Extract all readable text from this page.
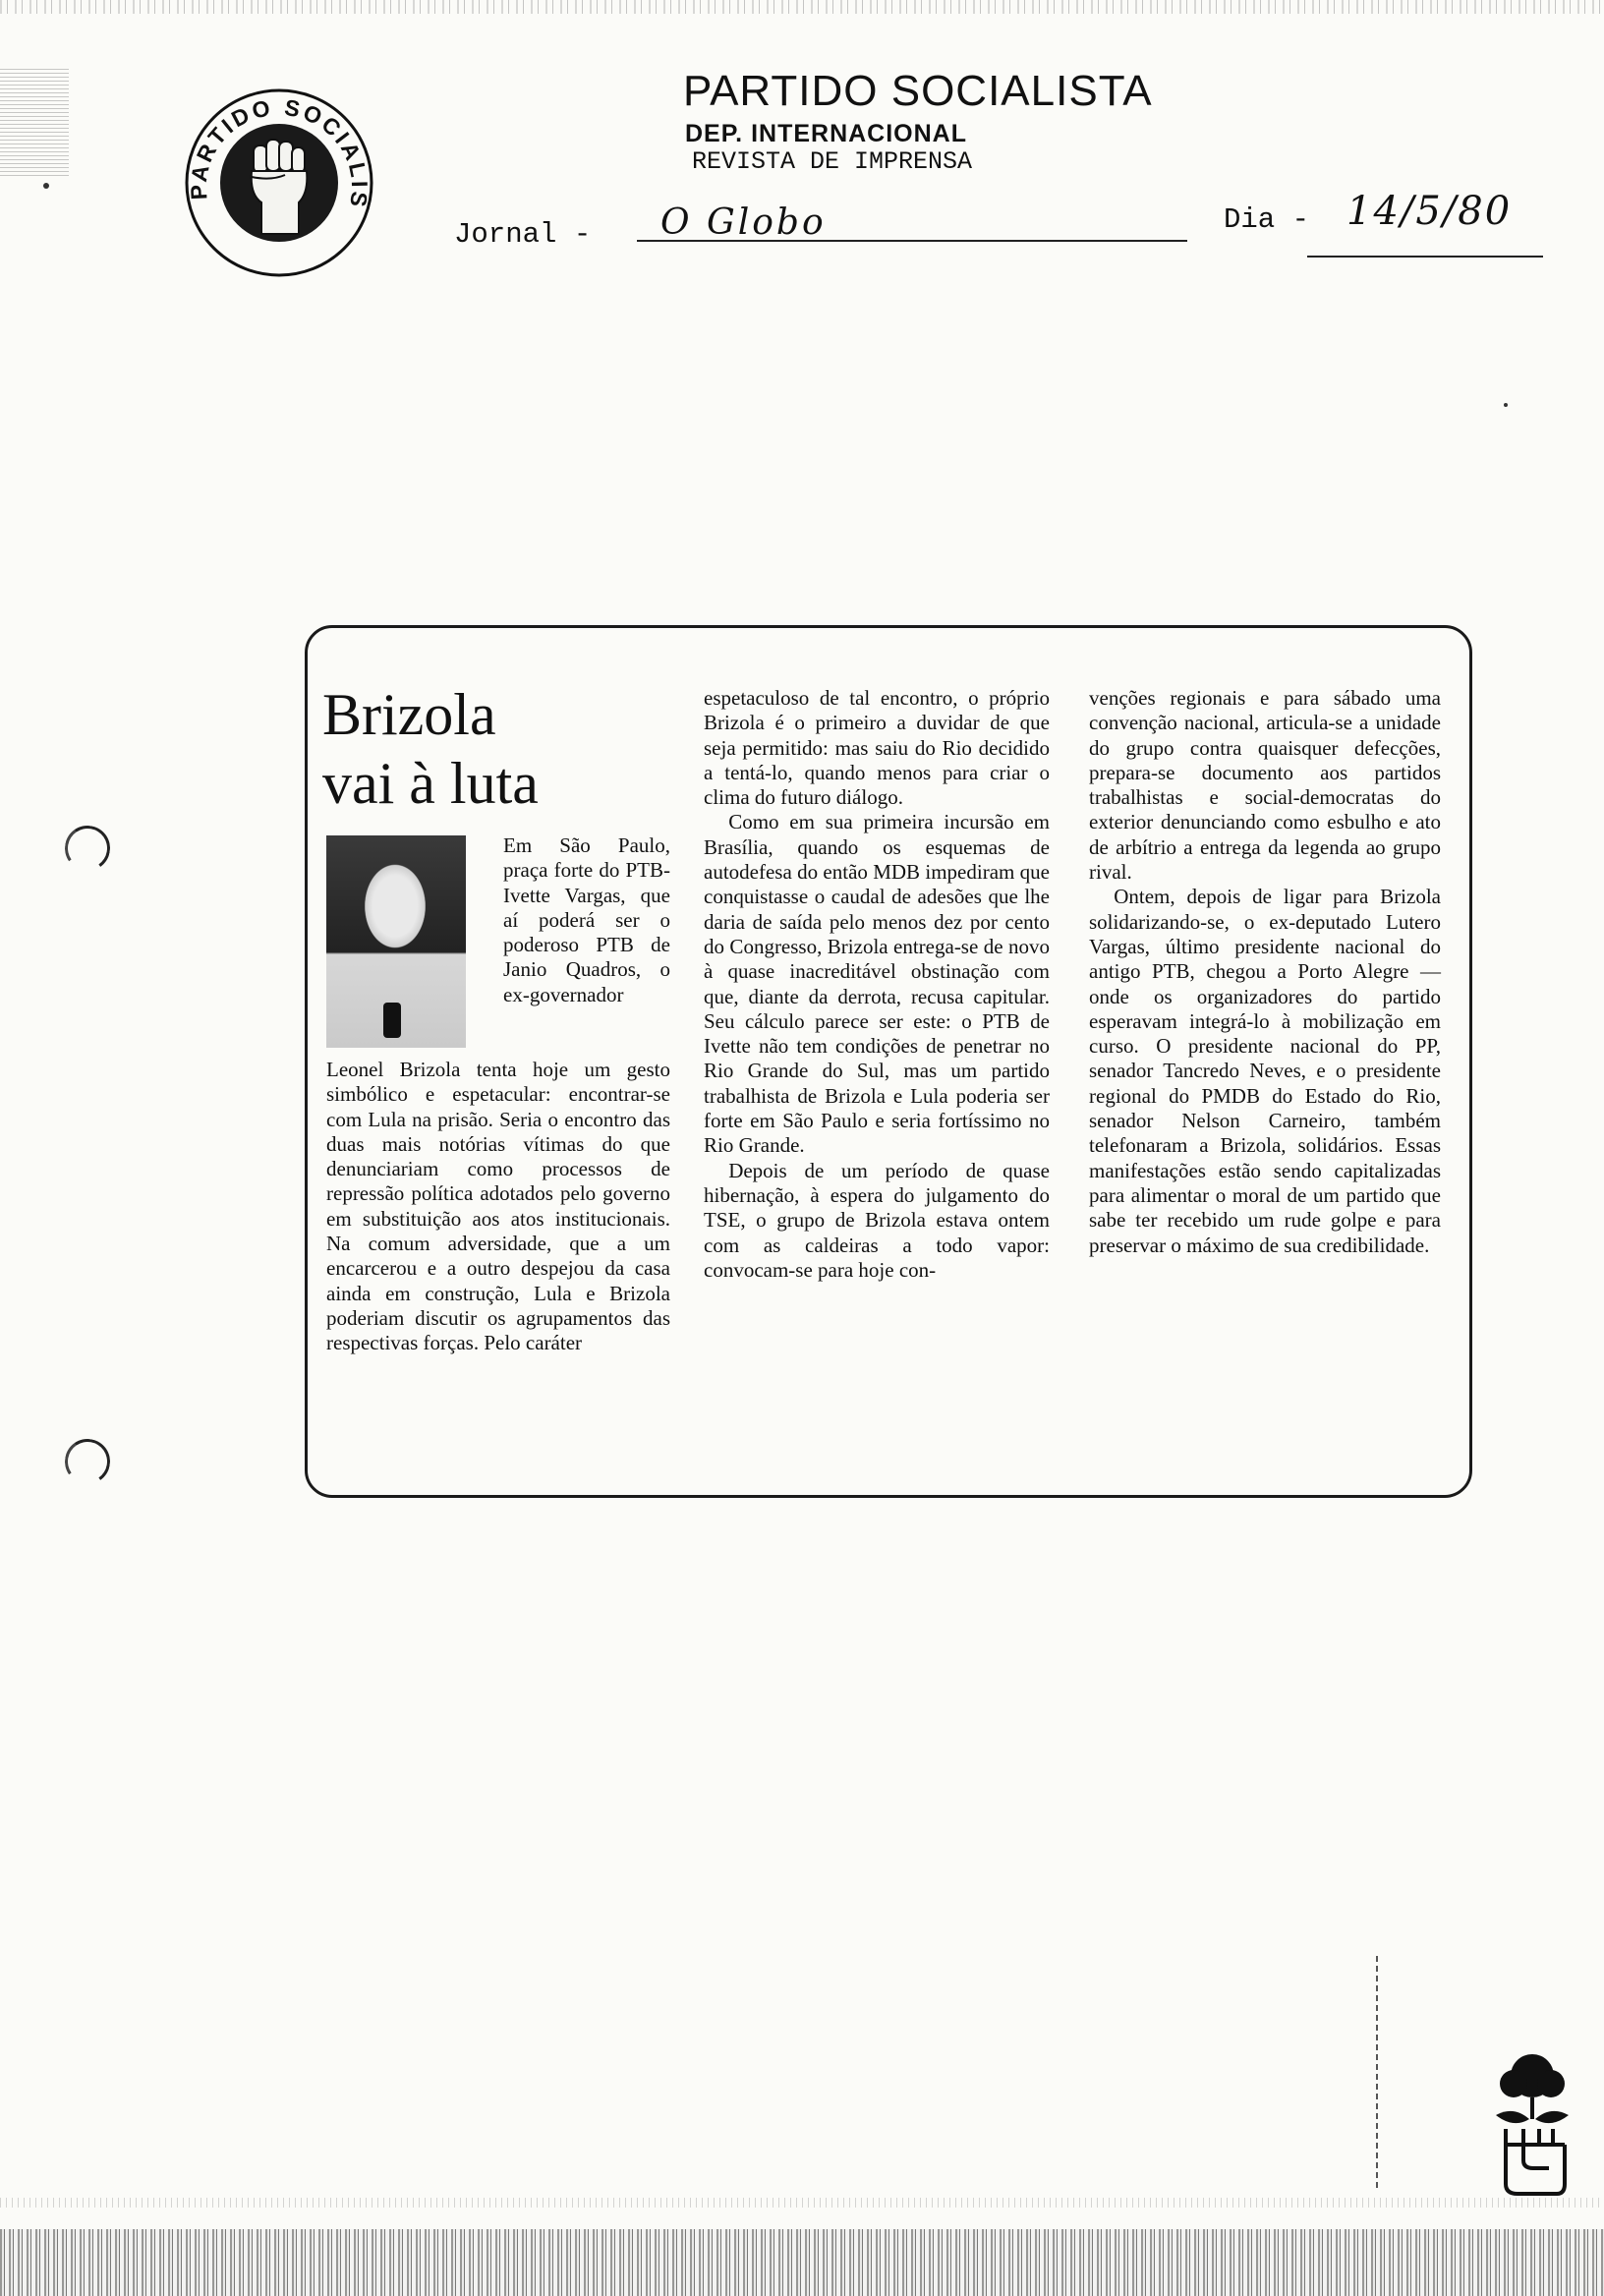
PARTIDO SOCIALIS
PARTIDO SOCIALISTA
DEP. INTERNACIONAL
REVISTA DE IMPRENSA
Jornal - O Globo	Dia - 14/5/80
Brizola
vai à luta

Em São Paulo, praça forte do PTB-Ivette Vargas, que aí poderá ser o poderoso PTB de Janio Quadros, o ex-governador

Leonel Brizola tenta hoje um gesto simbólico e espetacular: encontrar-se com Lula na prisão. Seria o encontro das duas mais notórias vítimas do que denunciariam como processos de repressão política adotados pelo governo em substituição aos atos institucionais. Na comum adversidade, que a um encarcerou e a outro despejou da casa ainda em construção, Lula e Brizola poderiam discutir os agrupamentos das respectivas forças. Pelo caráter

espetaculoso de tal encontro, o próprio Brizola é o primeiro a duvidar de que seja permitido: mas saiu do Rio decidido a tentá-lo, quando menos para criar o clima do futuro diálogo.

Como em sua primeira incursão em Brasília, quando os esquemas de autodefesa do então MDB impediram que conquistasse o caudal de adesões que lhe daria de saída pelo menos dez por cento do Congresso, Brizola entrega-se de novo à quase inacreditável obstinação com que, diante da derrota, recusa capitular. Seu cálculo parece ser este: o PTB de Ivette não tem condições de penetrar no Rio Grande do Sul, mas um partido trabalhista de Brizola e Lula poderia ser forte em São Paulo e seria fortíssimo no Rio Grande.

Depois de um período de quase hibernação, à espera do julgamento do TSE, o grupo de Brizola estava ontem com as caldeiras a todo vapor: convocam-se para hoje con-

venções regionais e para sábado uma convenção nacional, articula-se a unidade do grupo contra quaisquer defecções, prepara-se documento aos partidos trabalhistas e social-democratas do exterior denunciando como esbulho e ato de arbítrio a entrega da legenda ao grupo rival.

Ontem, depois de ligar para Brizola solidarizando-se, o ex-deputado Lutero Vargas, último presidente nacional do antigo PTB, chegou a Porto Alegre — onde os organizadores do partido esperavam integrá-lo à mobilização em curso. O presidente nacional do PP, senador Tancredo Neves, e o presidente regional do PMDB do Estado do Rio, senador Nelson Carneiro, também telefonaram a Brizola, solidários. Essas manifestações estão sendo capitalizadas para alimentar o moral de um partido que sabe ter recebido um rude golpe e para preservar o máximo de sua credibilidade.
